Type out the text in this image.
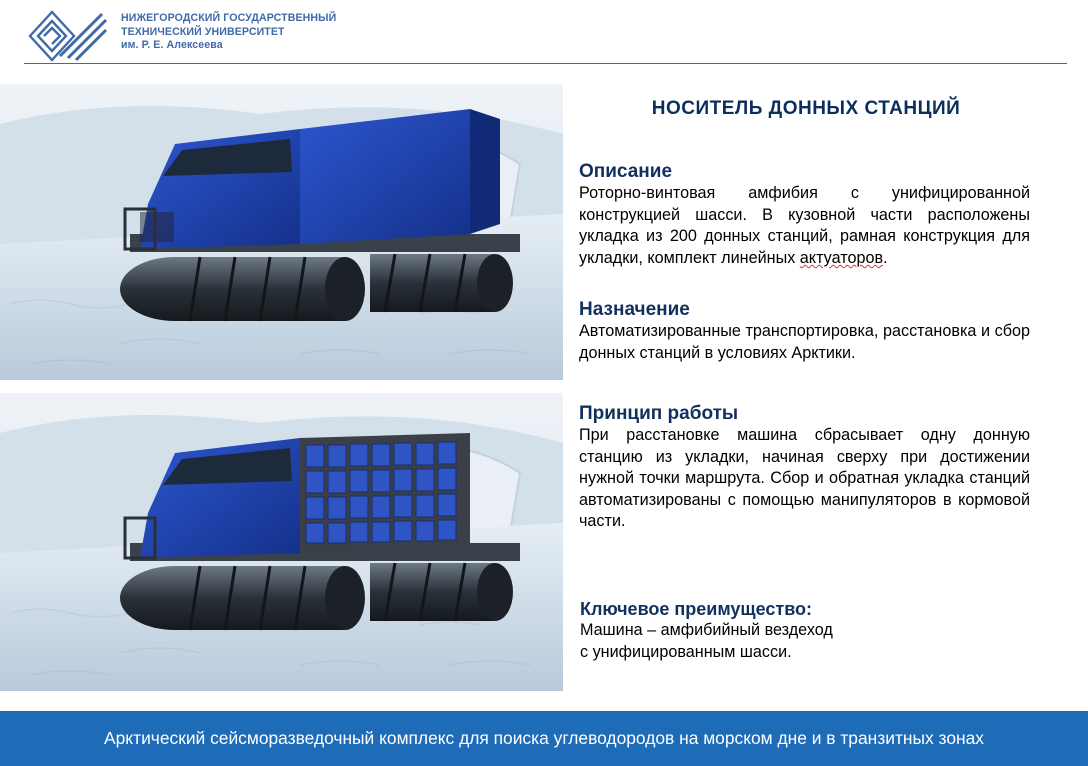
НИЖЕГОРОДСКИЙ ГОСУДАРСТВЕННЫЙ
ТЕХНИЧЕСКИЙ УНИВЕРСИТЕТ
им. Р. Е. Алексеева
НОСИТЕЛЬ ДОННЫХ СТАНЦИЙ
Описание

Роторно-винтовая амфибия с унифицированной конструкцией шасси. В кузовной части расположены укладка из 200 донных станций, рамная конструкция для укладки, комплект линейных актуаторов.

Назначение

Автоматизированные транспортировка, расстановка и сбор донных станций в условиях Арктики.

Принцип работы

При расстановке машина сбрасывает одну донную станцию из укладки, начиная сверху при достижении нужной точки маршрута. Сбор и обратная укладка станций автоматизированы с помощью манипуляторов в кормовой части.

Ключевое преимущество:

Машина – амфибийный вездеход
с унифицированным шасси.

Арктический сейсморазведочный комплекс для поиска углеводородов на морском дне и в транзитных зонах
